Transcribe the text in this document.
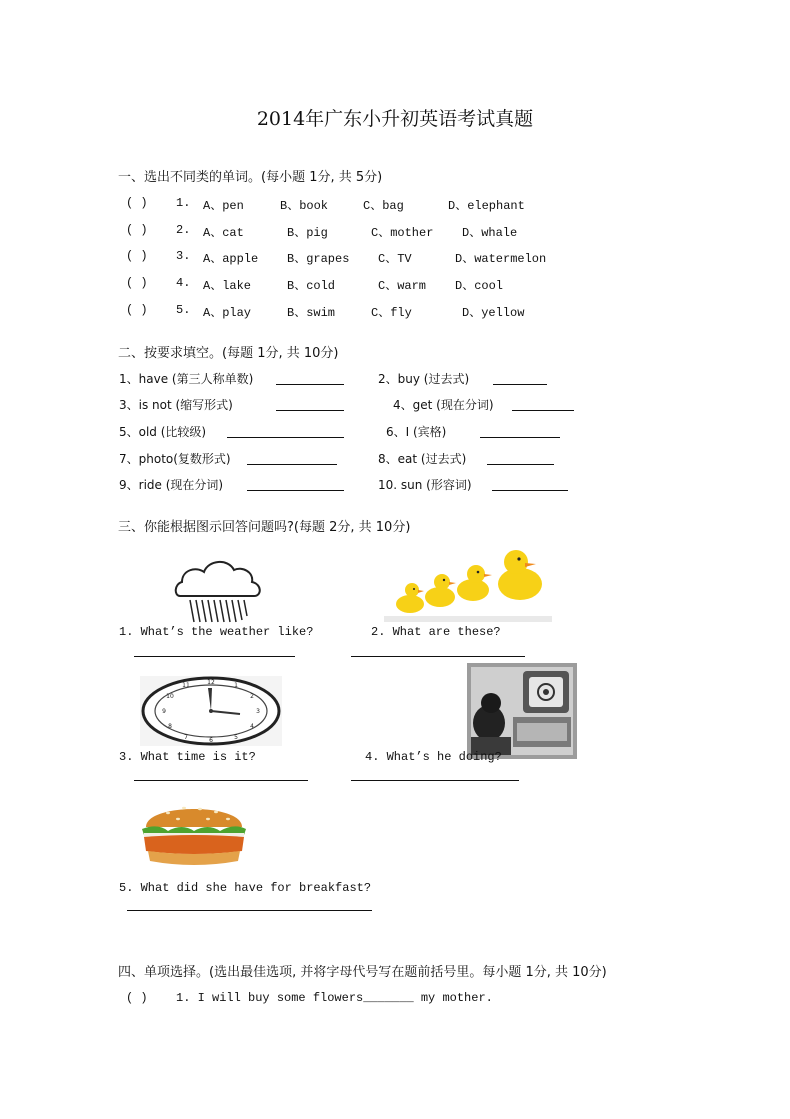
2014年广东小升初英语考试真题
一、选出不同类的单词。(每小题 1分, 共 5分)
( ) 1. A、pen	B、book	C、bag	D、elephant
( ) 2. A、cat	B、pig	C、mother D、whale
( ) 3. A、apple B、grapes C、TV	D、watermelon
( ) 4. A、lake	B、cold	C、warm D、cool
( ) 5. A、play	B、swim	C、fly	D、yellow
二、按要求填空。(每题 1分, 共 10分)
1、have (第三人称单数)	2、buy (过去式)
3、is not (缩写形式)	4、get (现在分词)
5、old (比较级)	6、I (宾格)
7、photo(复数形式)	8、eat (过去式)
9、ride (现在分词)	10. sun (形容词)
三、你能根据图示回答问题吗?(每题 2分, 共 10分)
1. What’s the weather like?	2. What are these?
12	1
2
3
4
5
6
7
8
9
10
11
3. What time is it?	4. What’s he doing?
5. What did she have for breakfast?
四、单项选择。(选出最佳选项, 并将字母代号写在题前括号里。每小题 1分, 共 10分)
( ) 1. I will buy some flowers_______ my mother.
